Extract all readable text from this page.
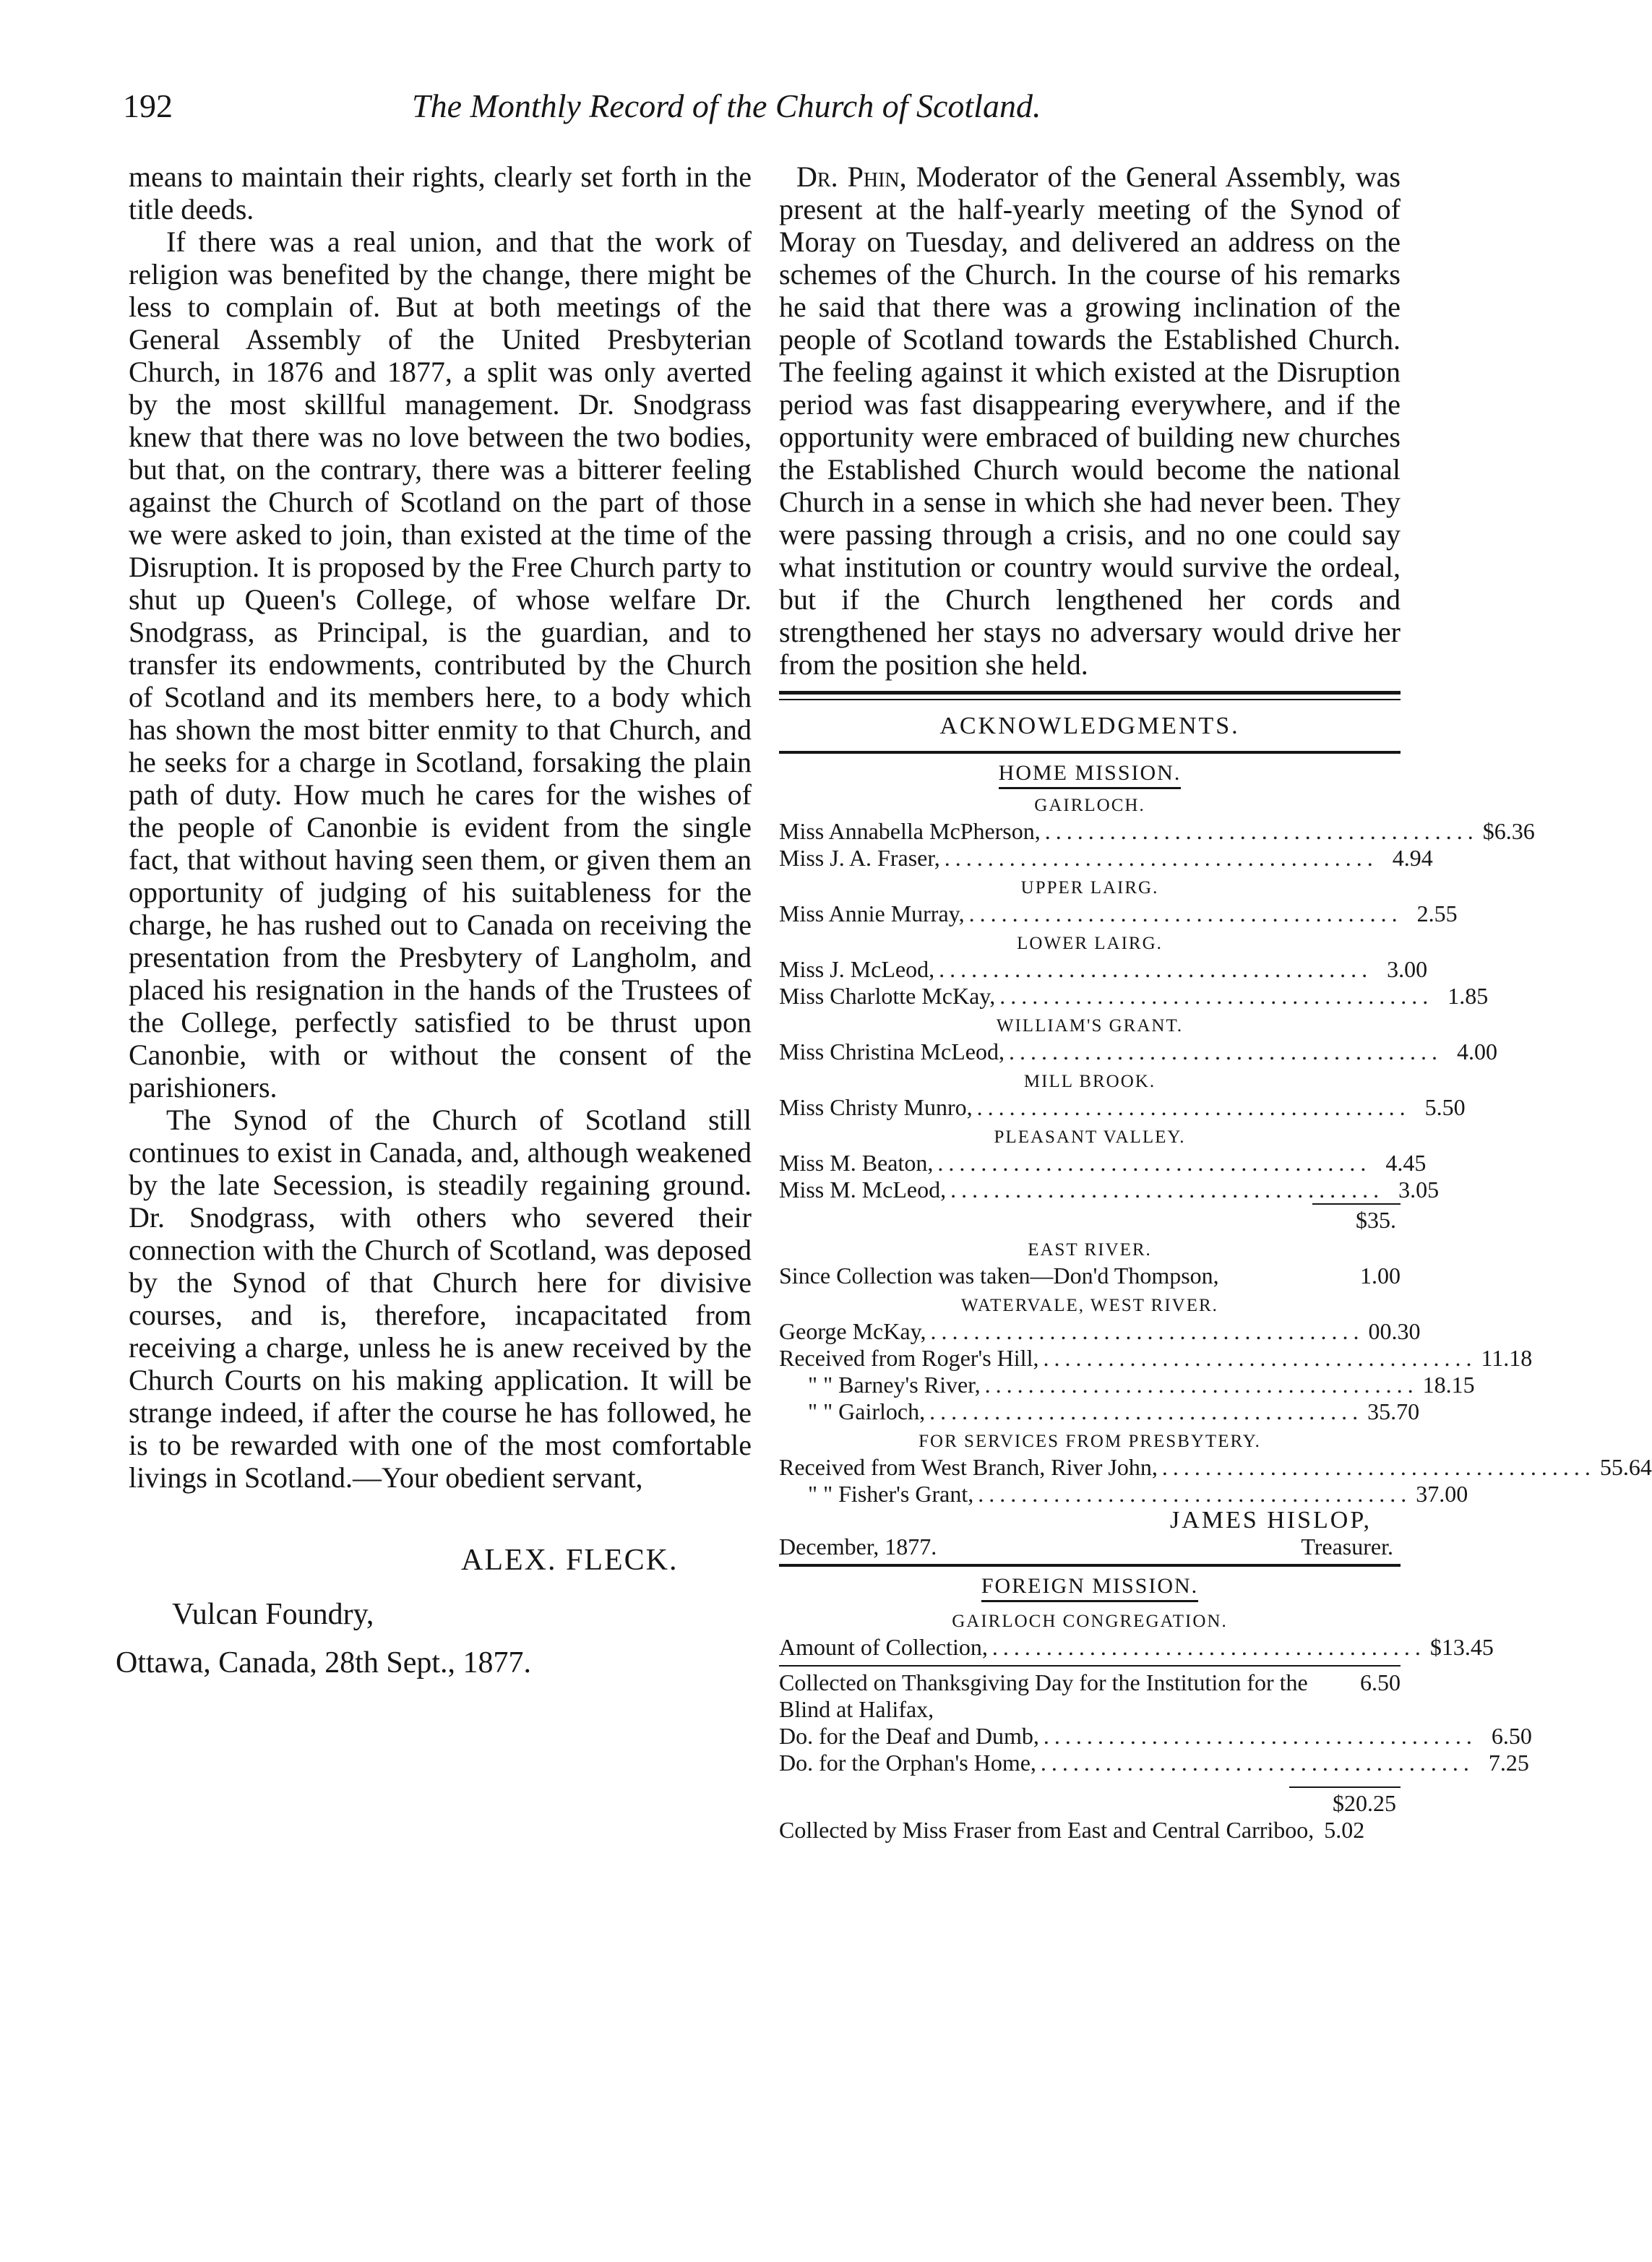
192	The Monthly Record of the Church of Scotland.

means to maintain their rights, clearly set forth in the title deeds.

If there was a real union, and that the work of religion was benefited by the change, there might be less to complain of. But at both meetings of the General Assembly of the United Presbyterian Church, in 1876 and 1877, a split was only averted by the most skillful management. Dr. Snodgrass knew that there was no love between the two bodies, but that, on the contrary, there was a bitterer feeling against the Church of Scotland on the part of those we were asked to join, than existed at the time of the Disruption. It is proposed by the Free Church party to shut up Queen's College, of whose welfare Dr. Snodgrass, as Principal, is the guardian, and to transfer its endowments, contributed by the Church of Scotland and its members here, to a body which has shown the most bitter enmity to that Church, and he seeks for a charge in Scotland, forsaking the plain path of duty. How much he cares for the wishes of the people of Canonbie is evident from the single fact, that without having seen them, or given them an opportunity of judging of his suitableness for the charge, he has rushed out to Canada on receiving the presentation from the Presbytery of Langholm, and placed his resignation in the hands of the Trustees of the College, perfectly satisfied to be thrust upon Canonbie, with or without the consent of the parishioners.

The Synod of the Church of Scotland still continues to exist in Canada, and, although weakened by the late Secession, is steadily regaining ground. Dr. Snodgrass, with others who severed their connection with the Church of Scotland, was deposed by the Synod of that Church here for divisive courses, and is, therefore, incapacitated from receiving a charge, unless he is anew received by the Church Courts on his making application. It will be strange indeed, if after the course he has followed, he is to be rewarded with one of the most comfortable livings in Scotland.—Your obedient servant,

ALEX. FLECK.
Vulcan Foundry,
Ottawa, Canada, 28th Sept., 1877.

Dr. Phin, Moderator of the General Assembly, was present at the half-yearly meeting of the Synod of Moray on Tuesday, and delivered an address on the schemes of the Church. In the course of his remarks he said that there was a growing inclination of the people of Scotland towards the Established Church. The feeling against it which existed at the Disruption period was fast disappearing everywhere, and if the opportunity were embraced of building new churches the Established Church would become the national Church in a sense in which she had never been. They were passing through a crisis, and no one could say what institution or country would survive the ordeal, but if the Church lengthened her cords and strengthened her stays no adversary would drive her from the position she held.

ACKNOWLEDGMENTS.
HOME MISSION.
GAIRLOCH.
Miss Annabella McPherson, ........................................ $6.36
Miss J. A. Fraser, ........................................ 4.94
UPPER LAIRG.
Miss Annie Murray, ........................................ 2.55
LOWER LAIRG.
Miss J. McLeod, ........................................ 3.00
Miss Charlotte McKay, ........................................ 1.85
WILLIAM'S GRANT.
Miss Christina McLeod, ........................................ 4.00
MILL BROOK.
Miss Christy Munro, ........................................ 5.50
PLEASANT VALLEY.
Miss M. Beaton, ........................................ 4.45
Miss M. McLeod, ........................................ 3.05
$35.
EAST RIVER.
Since Collection was taken—Don'd Thompson,	1.00
WATERVALE, WEST RIVER.
George McKay, ........................................ 00.30
Received from Roger's Hill, ........................................ 11.18
" " Barney's River, ........................................ 18.15
" " Gairloch, ........................................ 35.70
FOR SERVICES FROM PRESBYTERY.
Received from West Branch, River John, ........................................ 55.64
" " Fisher's Grant, ........................................ 37.00
JAMES HISLOP,
December, 1877.	Treasurer.
FOREIGN MISSION.
GAIRLOCH CONGREGATION.
Amount of Collection, ........................................ $13.45
Collected on Thanksgiving Day for the Institution for the Blind at Halifax,
6.50
Do. for the Deaf and Dumb, ........................................ 6.50
Do. for the Orphan's Home, ........................................ 7.25
$20.25
Collected by Miss Fraser from East and Central Carriboo, 5.02
